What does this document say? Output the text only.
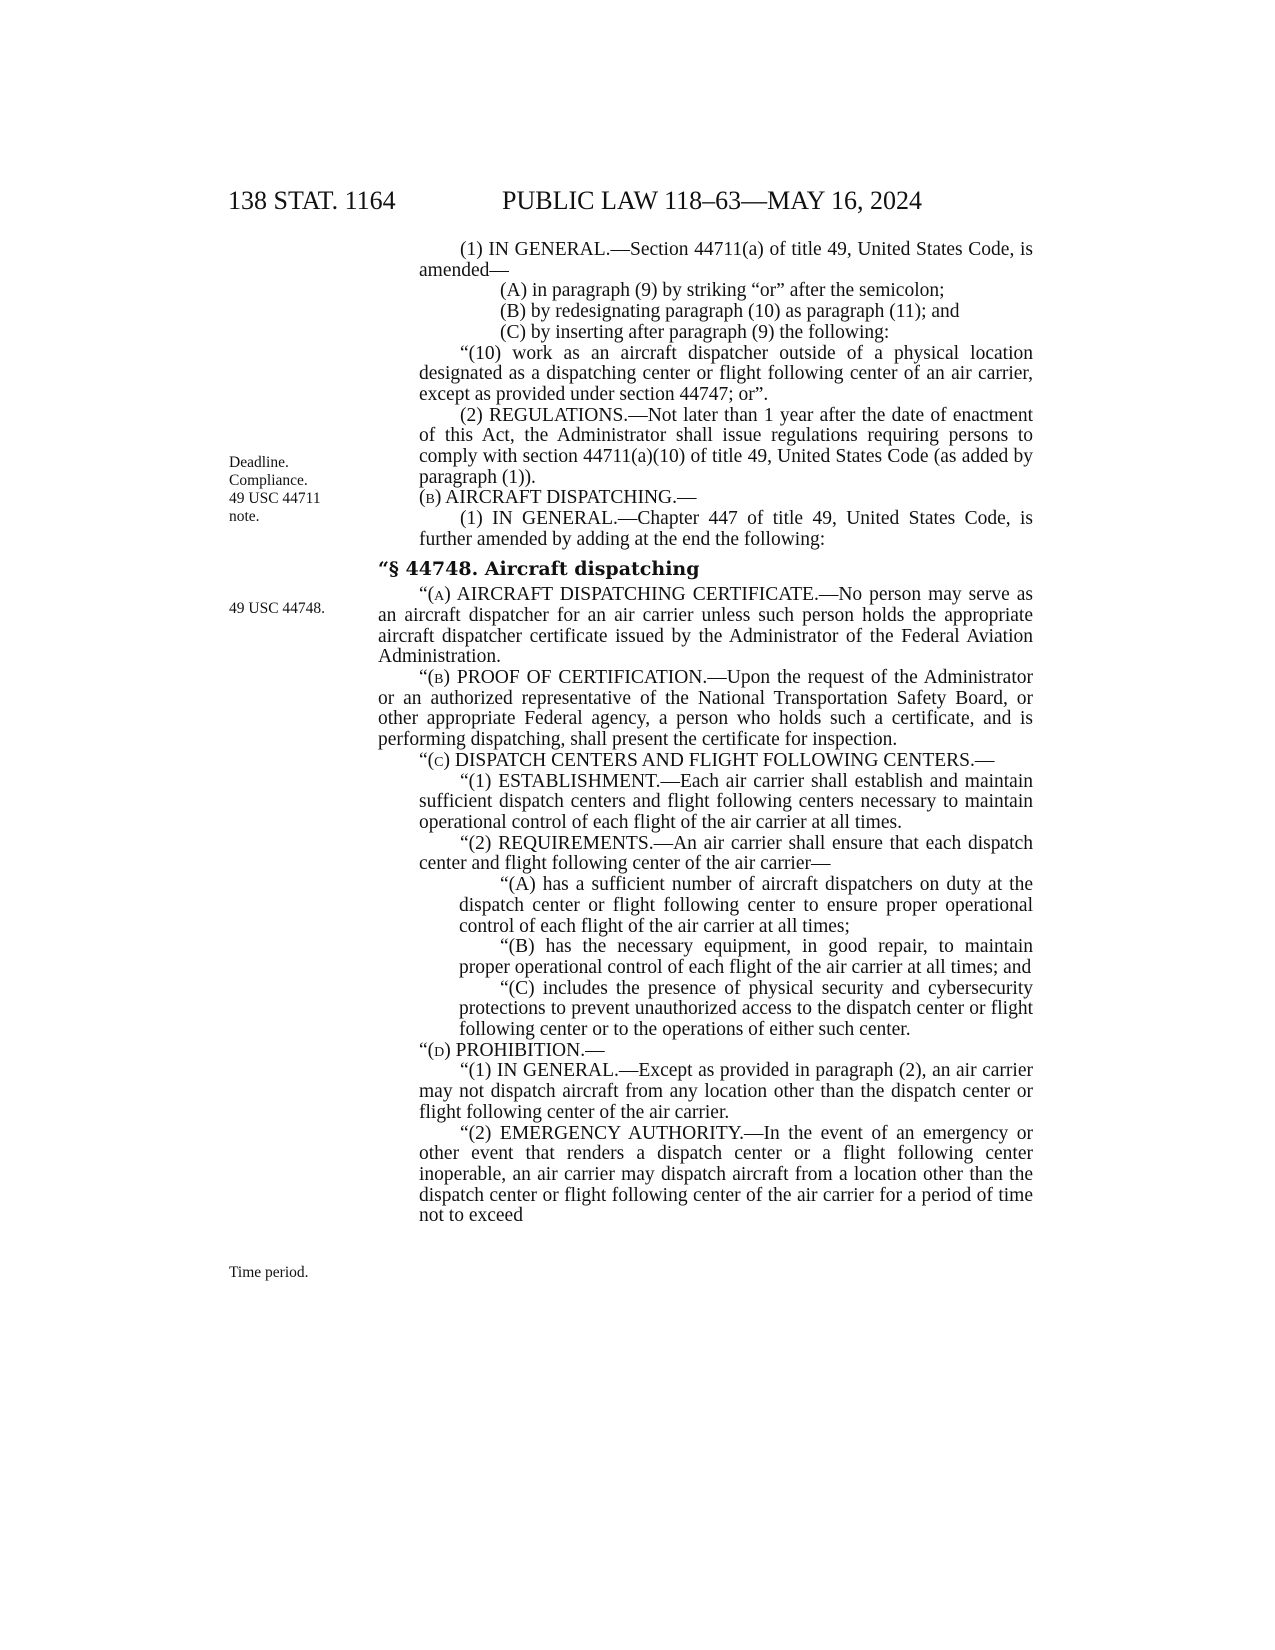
138 STAT. 1164	PUBLIC LAW 118–63—MAY 16, 2024
Deadline.
Compliance.
49 USC 44711
note.
49 USC 44748.
Time period.

(1) IN GENERAL.—Section 44711(a) of title 49, United States Code, is amended—

(A) in paragraph (9) by striking “or” after the semicolon;

(B) by redesignating paragraph (10) as paragraph (11); and

(C) by inserting after paragraph (9) the following:

“(10) work as an aircraft dispatcher outside of a physical location designated as a dispatching center or flight following center of an air carrier, except as provided under section 44747; or”.

(2) REGULATIONS.—Not later than 1 year after the date of enactment of this Act, the Administrator shall issue regulations requiring persons to comply with section 44711(a)(10) of title 49, United States Code (as added by paragraph (1)).

(b) AIRCRAFT DISPATCHING.—

(1) IN GENERAL.—Chapter 447 of title 49, United States Code, is further amended by adding at the end the following:

“§ 44748. Aircraft dispatching

“(a) AIRCRAFT DISPATCHING CERTIFICATE.—No person may serve as an aircraft dispatcher for an air carrier unless such person holds the appropriate aircraft dispatcher certificate issued by the Administrator of the Federal Aviation Administration.

“(b) PROOF OF CERTIFICATION.—Upon the request of the Administrator or an authorized representative of the National Transportation Safety Board, or other appropriate Federal agency, a person who holds such a certificate, and is performing dispatching, shall present the certificate for inspection.

“(c) DISPATCH CENTERS AND FLIGHT FOLLOWING CENTERS.—

“(1) ESTABLISHMENT.—Each air carrier shall establish and maintain sufficient dispatch centers and flight following centers necessary to maintain operational control of each flight of the air carrier at all times.

“(2) REQUIREMENTS.—An air carrier shall ensure that each dispatch center and flight following center of the air carrier—

“(A) has a sufficient number of aircraft dispatchers on duty at the dispatch center or flight following center to ensure proper operational control of each flight of the air carrier at all times;

“(B) has the necessary equipment, in good repair, to maintain proper operational control of each flight of the air carrier at all times; and

“(C) includes the presence of physical security and cybersecurity protections to prevent unauthorized access to the dispatch center or flight following center or to the operations of either such center.

“(d) PROHIBITION.—

“(1) IN GENERAL.—Except as provided in paragraph (2), an air carrier may not dispatch aircraft from any location other than the dispatch center or flight following center of the air carrier.

“(2) EMERGENCY AUTHORITY.—In the event of an emergency or other event that renders a dispatch center or a flight following center inoperable, an air carrier may dispatch aircraft from a location other than the dispatch center or flight following center of the air carrier for a period of time not to exceed
